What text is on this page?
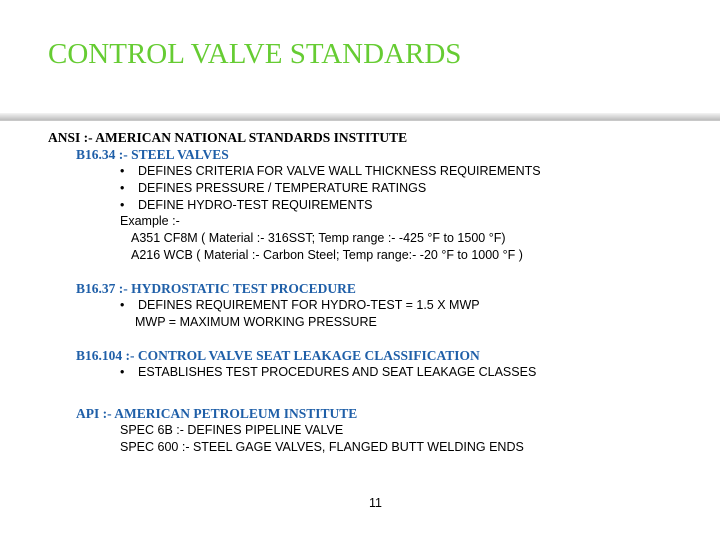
CONTROL VALVE STANDARDS
ANSI :- AMERICAN NATIONAL STANDARDS INSTITUTE
B16.34 :- STEEL VALVES
• DEFINES CRITERIA FOR VALVE WALL THICKNESS REQUIREMENTS
• DEFINES PRESSURE / TEMPERATURE RATINGS
• DEFINE HYDRO-TEST REQUIREMENTS
Example :-
A351 CF8M ( Material :- 316SST; Temp range :- -425 °F to 1500 °F)
A216 WCB ( Material :- Carbon Steel; Temp range:- -20 °F to 1000 °F )
B16.37 :- HYDROSTATIC TEST PROCEDURE
• DEFINES REQUIREMENT FOR HYDRO-TEST = 1.5 X MWP
MWP = MAXIMUM WORKING PRESSURE
B16.104 :- CONTROL VALVE SEAT LEAKAGE CLASSIFICATION
• ESTABLISHES TEST PROCEDURES AND SEAT LEAKAGE CLASSES
API :- AMERICAN PETROLEUM INSTITUTE
SPEC 6B :- DEFINES PIPELINE VALVE
SPEC 600 :- STEEL GAGE VALVES, FLANGED BUTT WELDING ENDS
11
